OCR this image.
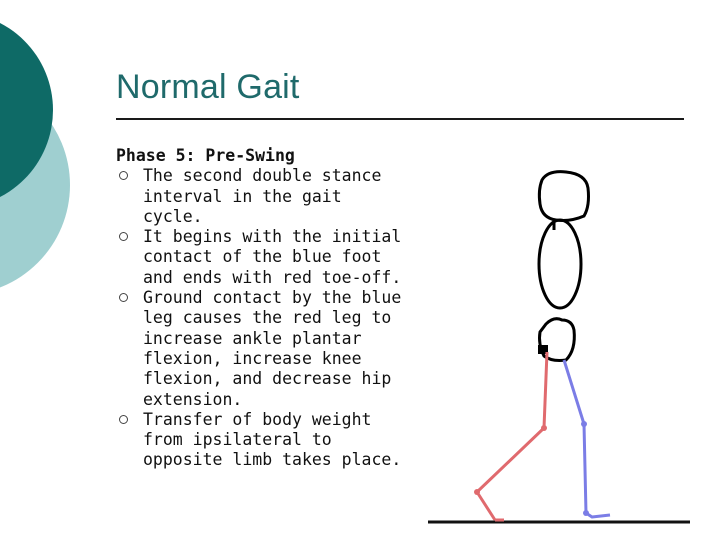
Normal Gait
Phase 5: Pre-Swing
The second double stance interval in the gait cycle.
It begins with the initial contact of the blue foot and ends with red toe-off.
Ground contact by the blue leg causes the red leg to increase ankle plantar flexion, increase knee flexion, and decrease hip extension.
Transfer of body weight from ipsilateral to opposite limb takes place.
